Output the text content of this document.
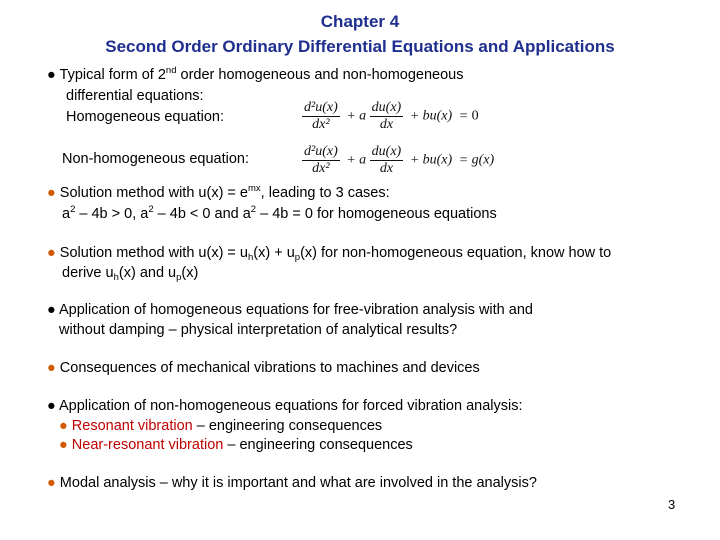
Chapter 4
Second Order Ordinary Differential Equations and Applications
● Typical form of 2nd order homogeneous and non-homogeneous
differential equations:
Homogeneous equation:	$\frac{\text{d²u(x)}}{\text{dx²}} + a \frac{du(x)}{dx} + bu(x) = 0$
Non-homogeneous equation:	$\frac{\text{d²u(x)}}{\text{dx²}} + a \frac{du(x)}{dx} + bu(x) = g(x)$
● Solution method with $u(x) = e^{mx}$, leading to 3 cases:
$a^2 - 4b > 0$, $a^2 - 4b < 0$ and $a^2 - 4b = 0$ for homogeneous equations
● Solution method with $u(x) = u_h(x) + u_p(x)$ for non-homogeneous equation, know how to
derive $u_h(x)$ and $u_p(x)$
● Application of homogeneous equations for free-vibration analysis with and
without damping – physical interpretation of analytical results?
● Consequences of mechanical vibrations to machines and devices
● Application of non-homogeneous equations for forced vibration analysis:
● Resonant vibration – engineering consequences
● Near-resonant vibration – engineering consequences
● Modal analysis – why it is important and what are involved in the analysis?
3
